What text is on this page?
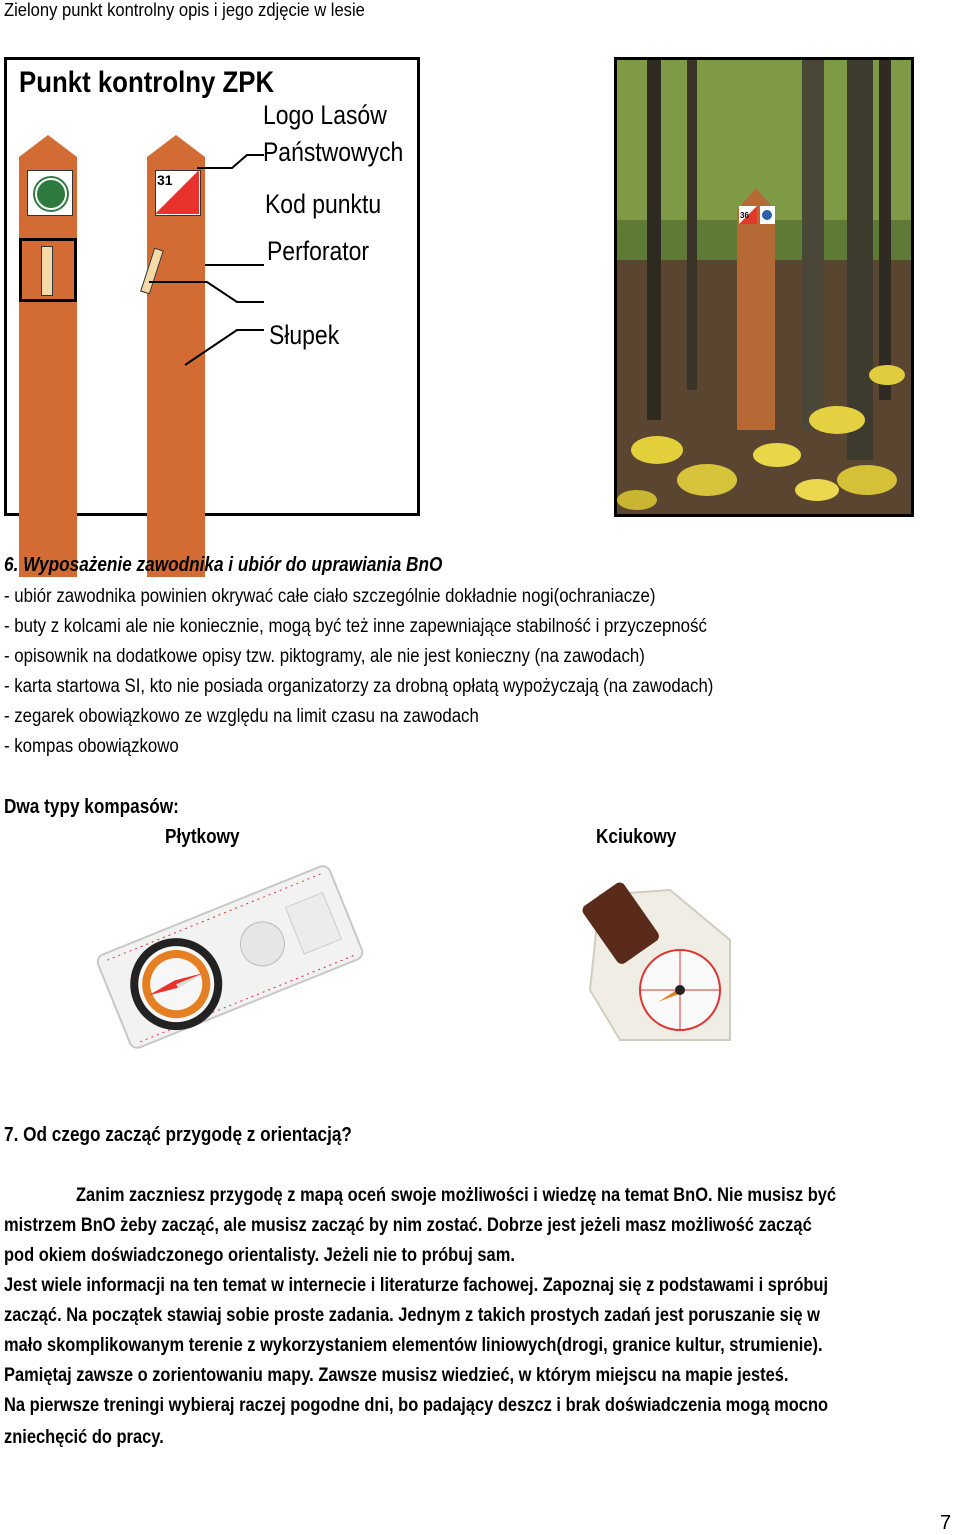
Zielony punkt kontrolny opis i jego zdjęcie w lesie
Punkt kontrolny ZPK
31
Logo Lasów
Państwowych
Kod punktu
Perforator
Słupek
36
6. Wyposażenie zawodnika i ubiór do uprawiania BnO
- ubiór zawodnika powinien okrywać całe ciało szczególnie dokładnie nogi(ochraniacze)
- buty z kolcami ale nie koniecznie, mogą być też inne zapewniające stabilność i przyczepność
- opisownik na dodatkowe opisy tzw. piktogramy, ale nie jest konieczny (na zawodach)
- karta startowa SI, kto nie posiada organizatorzy za drobną opłatą wypożyczają (na zawodach)
- zegarek obowiązkowo ze względu na limit czasu na zawodach
- kompas obowiązkowo
Dwa typy kompasów:
Płytkowy	Kciukowy
7. Od czego zacząć przygodę z orientacją?
Zanim zaczniesz przygodę z mapą oceń swoje możliwości i wiedzę na temat BnO. Nie musisz być
mistrzem BnO żeby zacząć, ale musisz zacząć by nim zostać. Dobrze jest jeżeli masz możliwość zacząć
pod okiem doświadczonego orientalisty. Jeżeli nie to próbuj sam.
Jest wiele informacji na ten temat w internecie i literaturze fachowej. Zapoznaj się z podstawami i spróbuj
zacząć. Na początek stawiaj sobie proste zadania. Jednym z takich prostych zadań jest poruszanie się w
mało skomplikowanym terenie z wykorzystaniem elementów liniowych(drogi, granice kultur, strumienie).
Pamiętaj zawsze o zorientowaniu mapy. Zawsze musisz wiedzieć, w którym miejscu na mapie jesteś.
Na pierwsze treningi wybieraj raczej pogodne dni, bo padający deszcz i brak doświadczenia mogą mocno
zniechęcić do pracy.
7
